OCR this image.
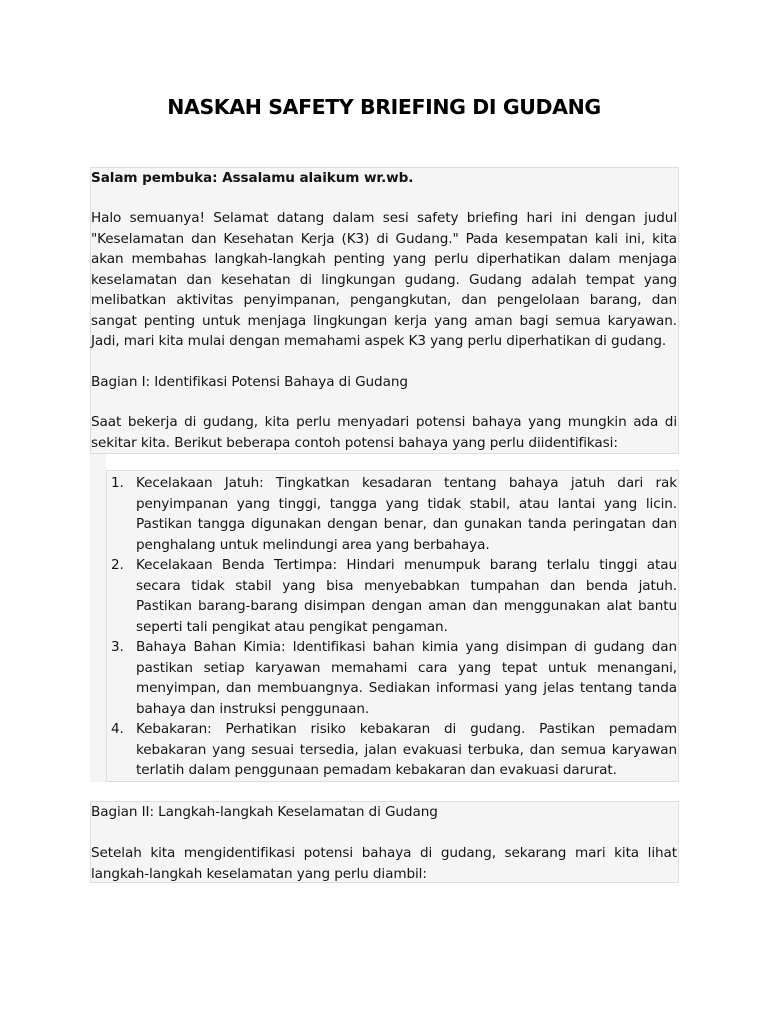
NASKAH SAFETY BRIEFING DI GUDANG

Salam pembuka: Assalamu alaikum wr.wb.

Halo semuanya! Selamat datang dalam sesi safety briefing hari ini dengan judul "Keselamatan dan Kesehatan Kerja (K3) di Gudang." Pada kesempatan kali ini, kita akan membahas langkah-langkah penting yang perlu diperhatikan dalam menjaga keselamatan dan kesehatan di lingkungan gudang. Gudang adalah tempat yang melibatkan aktivitas penyimpanan, pengangkutan, dan pengelolaan barang, dan sangat penting untuk menjaga lingkungan kerja yang aman bagi semua karyawan. Jadi, mari kita mulai dengan memahami aspek K3 yang perlu diperhatikan di gudang.

Bagian I: Identifikasi Potensi Bahaya di Gudang

Saat bekerja di gudang, kita perlu menyadari potensi bahaya yang mungkin ada di sekitar kita. Berikut beberapa contoh potensi bahaya yang perlu diidentifikasi:

1. Kecelakaan Jatuh: Tingkatkan kesadaran tentang bahaya jatuh dari rak penyimpanan yang tinggi, tangga yang tidak stabil, atau lantai yang licin. Pastikan tangga digunakan dengan benar, dan gunakan tanda peringatan dan penghalang untuk melindungi area yang berbahaya.
2. Kecelakaan Benda Tertimpa: Hindari menumpuk barang terlalu tinggi atau secara tidak stabil yang bisa menyebabkan tumpahan dan benda jatuh. Pastikan barang-barang disimpan dengan aman dan menggunakan alat bantu seperti tali pengikat atau pengikat pengaman.
3. Bahaya Bahan Kimia: Identifikasi bahan kimia yang disimpan di gudang dan pastikan setiap karyawan memahami cara yang tepat untuk menangani, menyimpan, dan membuangnya. Sediakan informasi yang jelas tentang tanda bahaya dan instruksi penggunaan.
4. Kebakaran: Perhatikan risiko kebakaran di gudang. Pastikan pemadam kebakaran yang sesuai tersedia, jalan evakuasi terbuka, dan semua karyawan terlatih dalam penggunaan pemadam kebakaran dan evakuasi darurat.

Bagian II: Langkah-langkah Keselamatan di Gudang

Setelah kita mengidentifikasi potensi bahaya di gudang, sekarang mari kita lihat langkah-langkah keselamatan yang perlu diambil:
